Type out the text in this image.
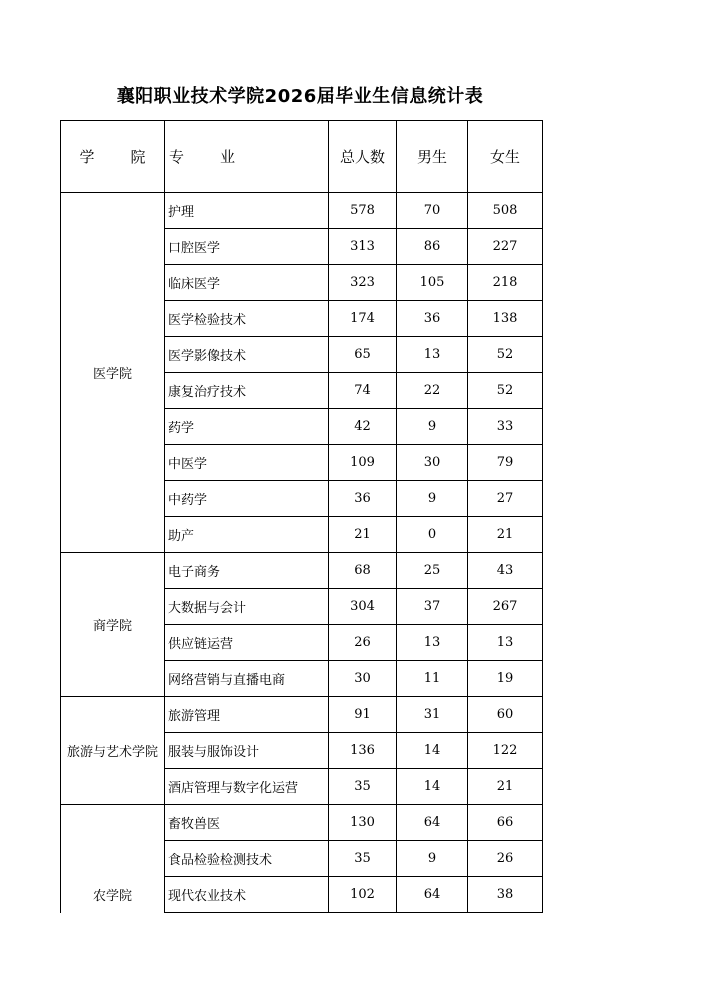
襄阳职业技术学院2026届毕业生信息统计表
学 院	专 业	总人数	男生	女生
医学院	护理	578	70	508
	口腔医学	313	86	227
	临床医学	323	105	218
	医学检验技术	174	36	138
	医学影像技术	65	13	52
	康复治疗技术	74	22	52
	药学	42	9	33
	中医学	109	30	79
	中药学	36	9	27
	助产	21	0	21
商学院	电子商务	68	25	43
	大数据与会计	304	37	267
	供应链运营	26	13	13
	网络营销与直播电商	30	11	19
旅游与艺术学院	旅游管理	91	31	60
	服装与服饰设计	136	14	122
	酒店管理与数字化运营	35	14	21
农学院	畜牧兽医	130	64	66
	食品检验检测技术	35	9	26
	现代农业技术	102	64	38
